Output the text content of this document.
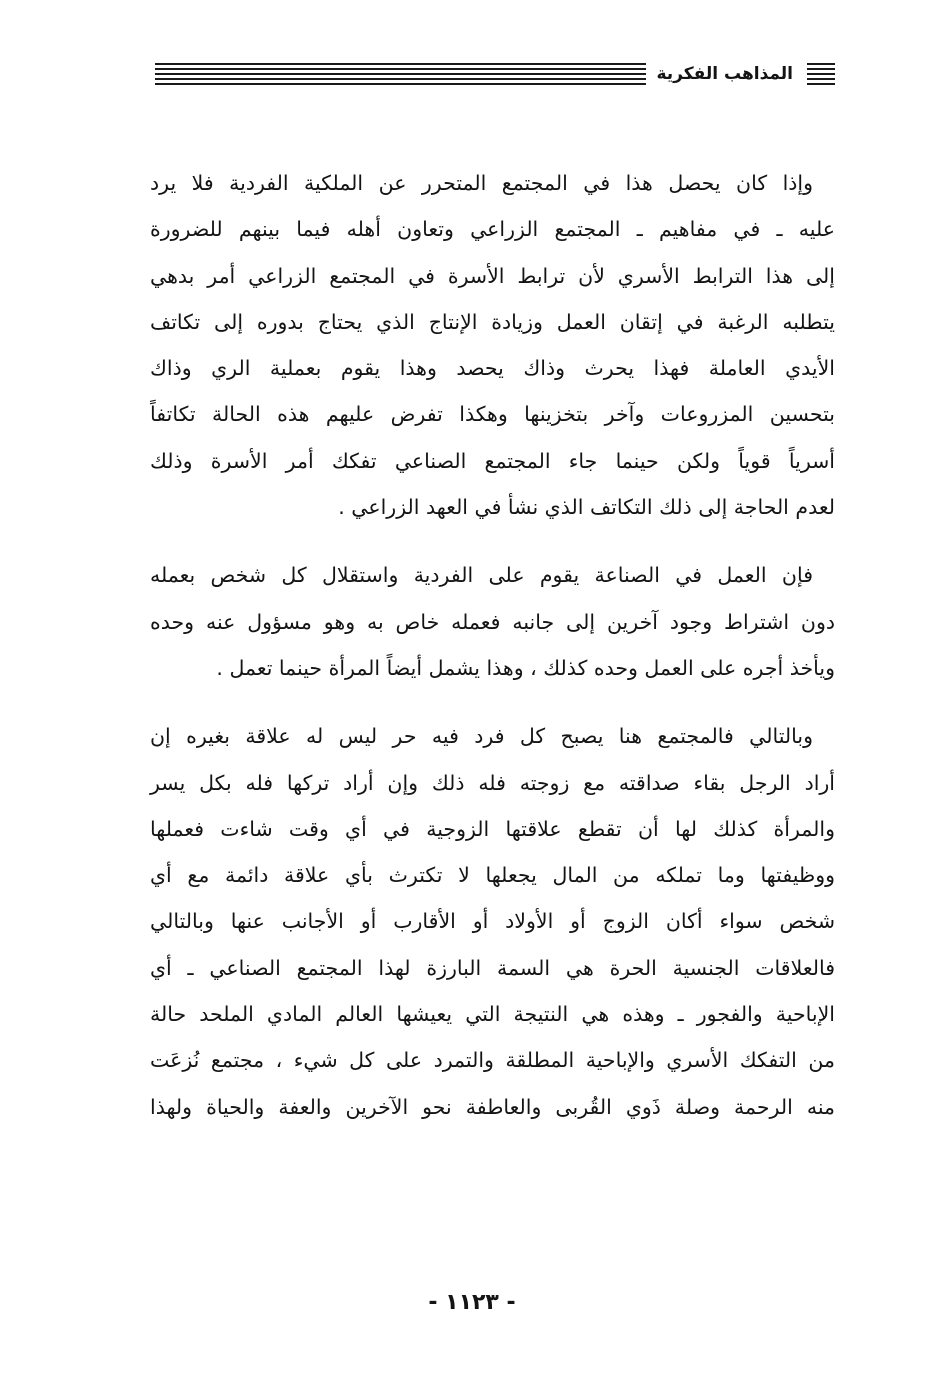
المذاهب الفكرية
وإذا كان يحصل هذا في المجتمع المتحرر عن الملكية الفردية فلا يرد
عليه ـ في مفاهيم ـ المجتمع الزراعي وتعاون أهله فيما بينهم للضرورة
إلى هذا الترابط الأسري لأن ترابط الأسرة في المجتمع الزراعي أمر بدهي
يتطلبه الرغبة في إتقان العمل وزيادة الإنتاج الذي يحتاج بدوره إلى تكاتف
الأيدي العاملة فهذا يحرث وذاك يحصد وهذا يقوم بعملية الري وذاك
بتحسين المزروعات وآخر بتخزينها وهكذا تفرض عليهم هذه الحالة تكاتفاً
أسرياً قوياً ولكن حينما جاء المجتمع الصناعي تفكك أمر الأسرة وذلك
لعدم الحاجة إلى ذلك التكاتف الذي نشأ في العهد الزراعي .
فإن العمل في الصناعة يقوم على الفردية واستقلال كل شخص بعمله
دون اشتراط وجود آخرين إلى جانبه فعمله خاص به وهو مسؤول عنه وحده
ويأخذ أجره على العمل وحده كذلك ، وهذا يشمل أيضاً المرأة حينما تعمل .
وبالتالي فالمجتمع هنا يصبح كل فرد فيه حر ليس له علاقة بغيره إن
أراد الرجل بقاء صداقته مع زوجته فله ذلك وإن أراد تركها فله بكل يسر
والمرأة كذلك لها أن تقطع علاقتها الزوجية في أي وقت شاءت فعملها
ووظيفتها وما تملكه من المال يجعلها لا تكترث بأي علاقة دائمة مع أي
شخص سواء أكان الزوج أو الأولاد أو الأقارب أو الأجانب عنها وبالتالي
فالعلاقات الجنسية الحرة هي السمة البارزة لهذا المجتمع الصناعي ـ أي
الإباحية والفجور ـ وهذه هي النتيجة التي يعيشها العالم المادي الملحد حالة
من التفكك الأسري والإباحية المطلقة والتمرد على كل شيء ، مجتمع نُزعَت
منه الرحمة وصلة ذَوي القُربى والعاطفة نحو الآخرين والعفة والحياة ولهذا
- ١١٢٣ -
